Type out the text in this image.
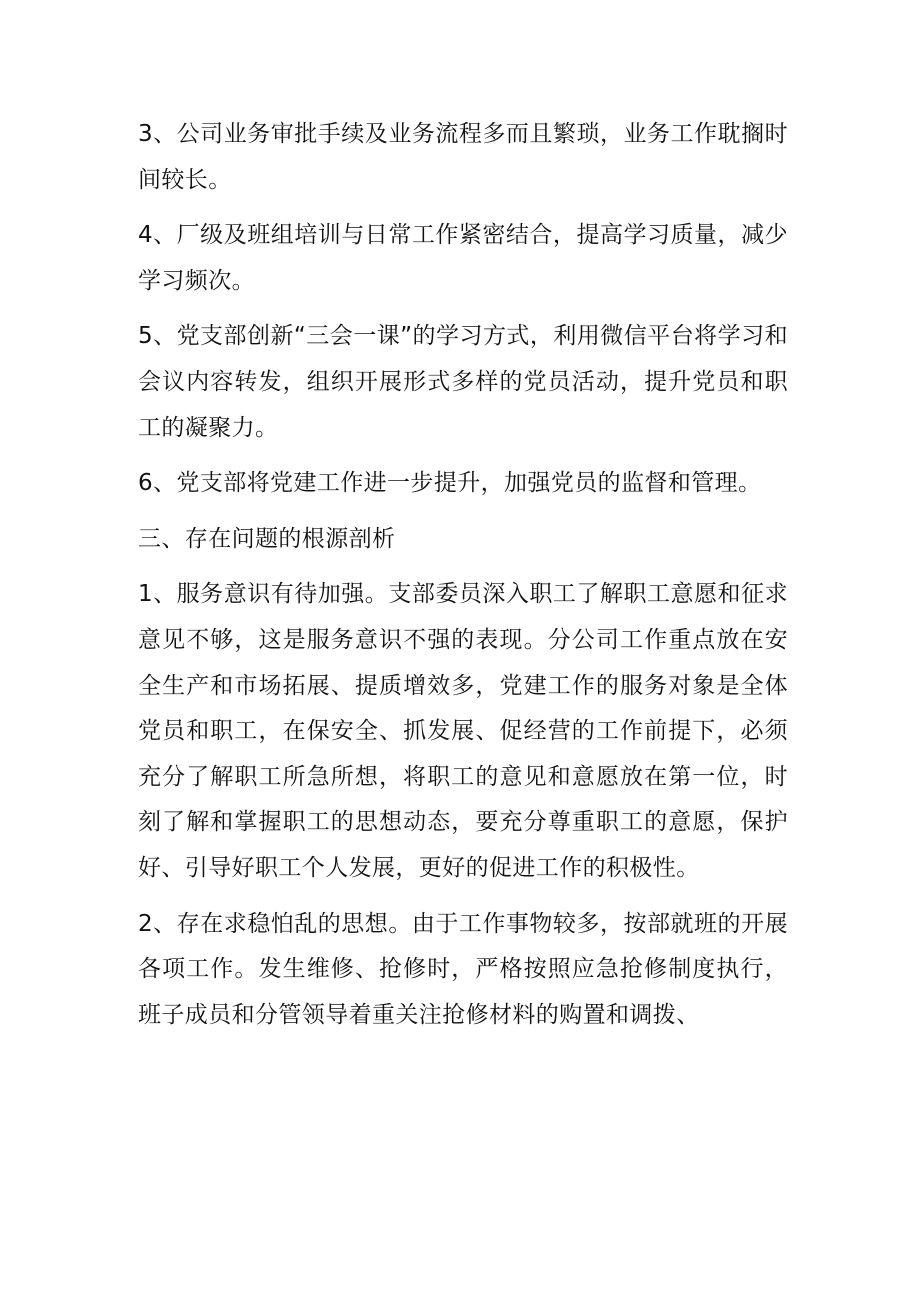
3、公司业务审批手续及业务流程多而且繁琐，业务工作耽搁时间较长。

4、厂级及班组培训与日常工作紧密结合，提高学习质量，减少学习频次。

5、党支部创新“三会一课”的学习方式，利用微信平台将学习和会议内容转发，组织开展形式多样的党员活动，提升党员和职工的凝聚力。

6、党支部将党建工作进一步提升，加强党员的监督和管理。

三、存在问题的根源剖析

1、服务意识有待加强。支部委员深入职工了解职工意愿和征求意见不够，这是服务意识不强的表现。分公司工作重点放在安全生产和市场拓展、提质增效多，党建工作的服务对象是全体党员和职工，在保安全、抓发展、促经营的工作前提下，必须充分了解职工所急所想，将职工的意见和意愿放在第一位，时刻了解和掌握职工的思想动态，要充分尊重职工的意愿，保护好、引导好职工个人发展，更好的促进工作的积极性。

2、存在求稳怕乱的思想。由于工作事物较多，按部就班的开展各项工作。发生维修、抢修时，严格按照应急抢修制度执行，班子成员和分管领导着重关注抢修材料的购置和调拨、
